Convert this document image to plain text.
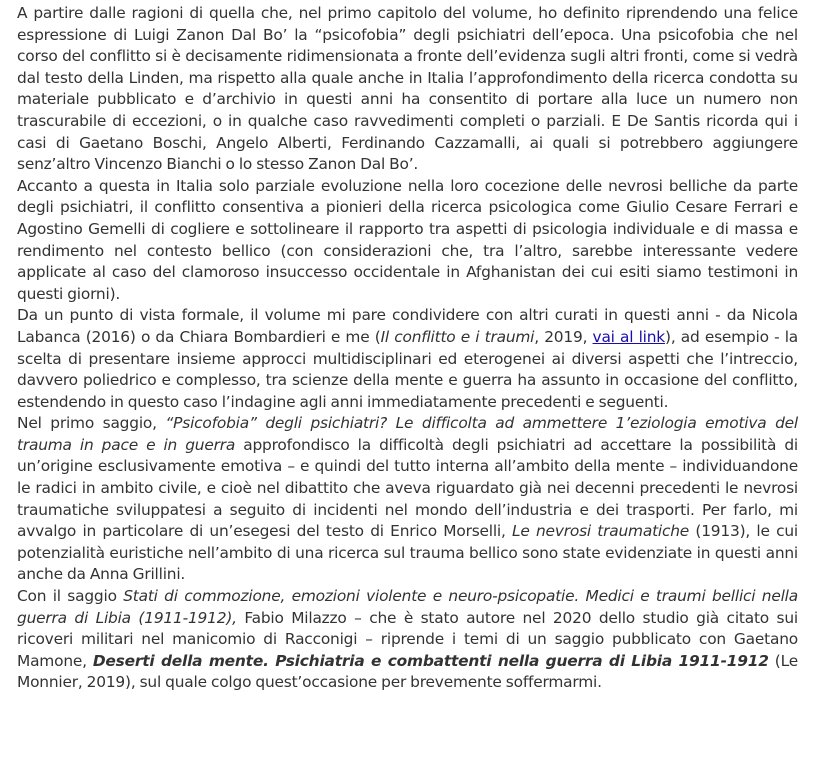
A partire dalle ragioni di quella che, nel primo capitolo del volume, ho definito riprendendo una felice espressione di Luigi Zanon Dal Bo’ la “psicofobia” degli psichiatri dell’epoca. Una psicofobia che nel corso del conflitto si è decisamente ridimensionata a fronte dell’evidenza sugli altri fronti, come si vedrà dal testo della Linden, ma rispetto alla quale anche in Italia l’approfondimento della ricerca condotta su materiale pubblicato e d’archivio in questi anni ha consentito di portare alla luce un numero non trascurabile di eccezioni, o in qualche caso ravvedimenti completi o parziali. E De Santis ricorda qui i casi di Gaetano Boschi, Angelo Alberti, Ferdinando Cazzamalli, ai quali si potrebbero aggiungere senz’altro Vincenzo Bianchi o lo stesso Zanon Dal Bo’.

Accanto a questa in Italia solo parziale evoluzione nella loro cocezione delle nevrosi belliche da parte degli psichiatri, il conflitto consentiva a pionieri della ricerca psicologica come Giulio Cesare Ferrari e Agostino Gemelli di cogliere e sottolineare il rapporto tra aspetti di psicologia individuale e di massa e rendimento nel contesto bellico (con considerazioni che, tra l’altro, sarebbe interessante vedere applicate al caso del clamoroso insuccesso occidentale in Afghanistan dei cui esiti siamo testimoni in questi giorni).

Da un punto di vista formale, il volume mi pare condividere con altri curati in questi anni - da Nicola Labanca (2016) o da Chiara Bombardieri e me (Il conflitto e i traumi, 2019, vai al link), ad esempio - la scelta di presentare insieme approcci multidisciplinari ed eterogenei ai diversi aspetti che l’intreccio, davvero poliedrico e complesso, tra scienze della mente e guerra ha assunto in occasione del conflitto, estendendo in questo caso l’indagine agli anni immediatamente precedenti e seguenti.

Nel primo saggio, “Psicofobia” degli psichiatri? Le difficolta ad ammettere 1’eziologia emotiva del trauma in pace e in guerra approfondisco la difficoltà degli psichiatri ad accettare la possibilità di un’origine esclusivamente emotiva – e quindi del tutto interna all’ambito della mente – individuandone le radici in ambito civile, e cioè nel dibattito che aveva riguardato già nei decenni precedenti le nevrosi traumatiche sviluppatesi a seguito di incidenti nel mondo dell’industria e dei trasporti. Per farlo, mi avvalgo in particolare di un’esegesi del testo di Enrico Morselli, Le nevrosi traumatiche (1913), le cui potenzialità euristiche nell’ambito di una ricerca sul trauma bellico sono state evidenziate in questi anni anche da Anna Grillini.

Con il saggio Stati di commozione, emozioni violente e neuro-psicopatie. Medici e traumi bellici nella guerra di Libia (1911-1912), Fabio Milazzo – che è stato autore nel 2020 dello studio già citato sui ricoveri militari nel manicomio di Racconigi – riprende i temi di un saggio pubblicato con Gaetano Mamone, Deserti della mente. Psichiatria e combattenti nella guerra di Libia 1911-1912 (Le Monnier, 2019), sul quale colgo quest’occasione per brevemente soffermarmi.
